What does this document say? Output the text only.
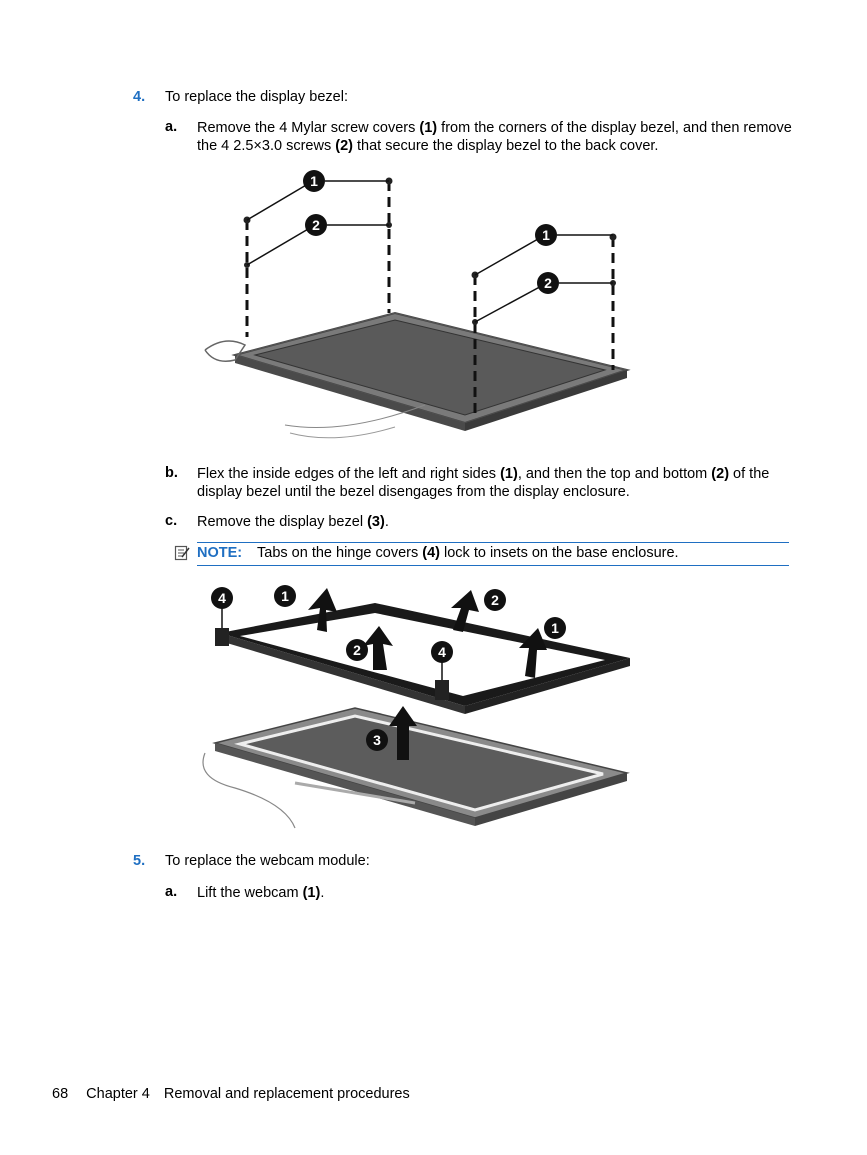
4. To replace the display bezel:
a. Remove the 4 Mylar screw covers (1) from the corners of the display bezel, and then remove the 4 2.5×3.0 screws (2) that secure the display bezel to the back cover.
1
2
1
2
b. Flex the inside edges of the left and right sides (1), and then the top and bottom (2) of the display bezel until the bezel disengages from the display enclosure.
c. Remove the display bezel (3).
NOTE: Tabs on the hinge covers (4) lock to insets on the base enclosure.
4	1	2
2	4
1
3
5. To replace the webcam module:
a. Lift the webcam (1).
68 Chapter 4 Removal and replacement procedures
